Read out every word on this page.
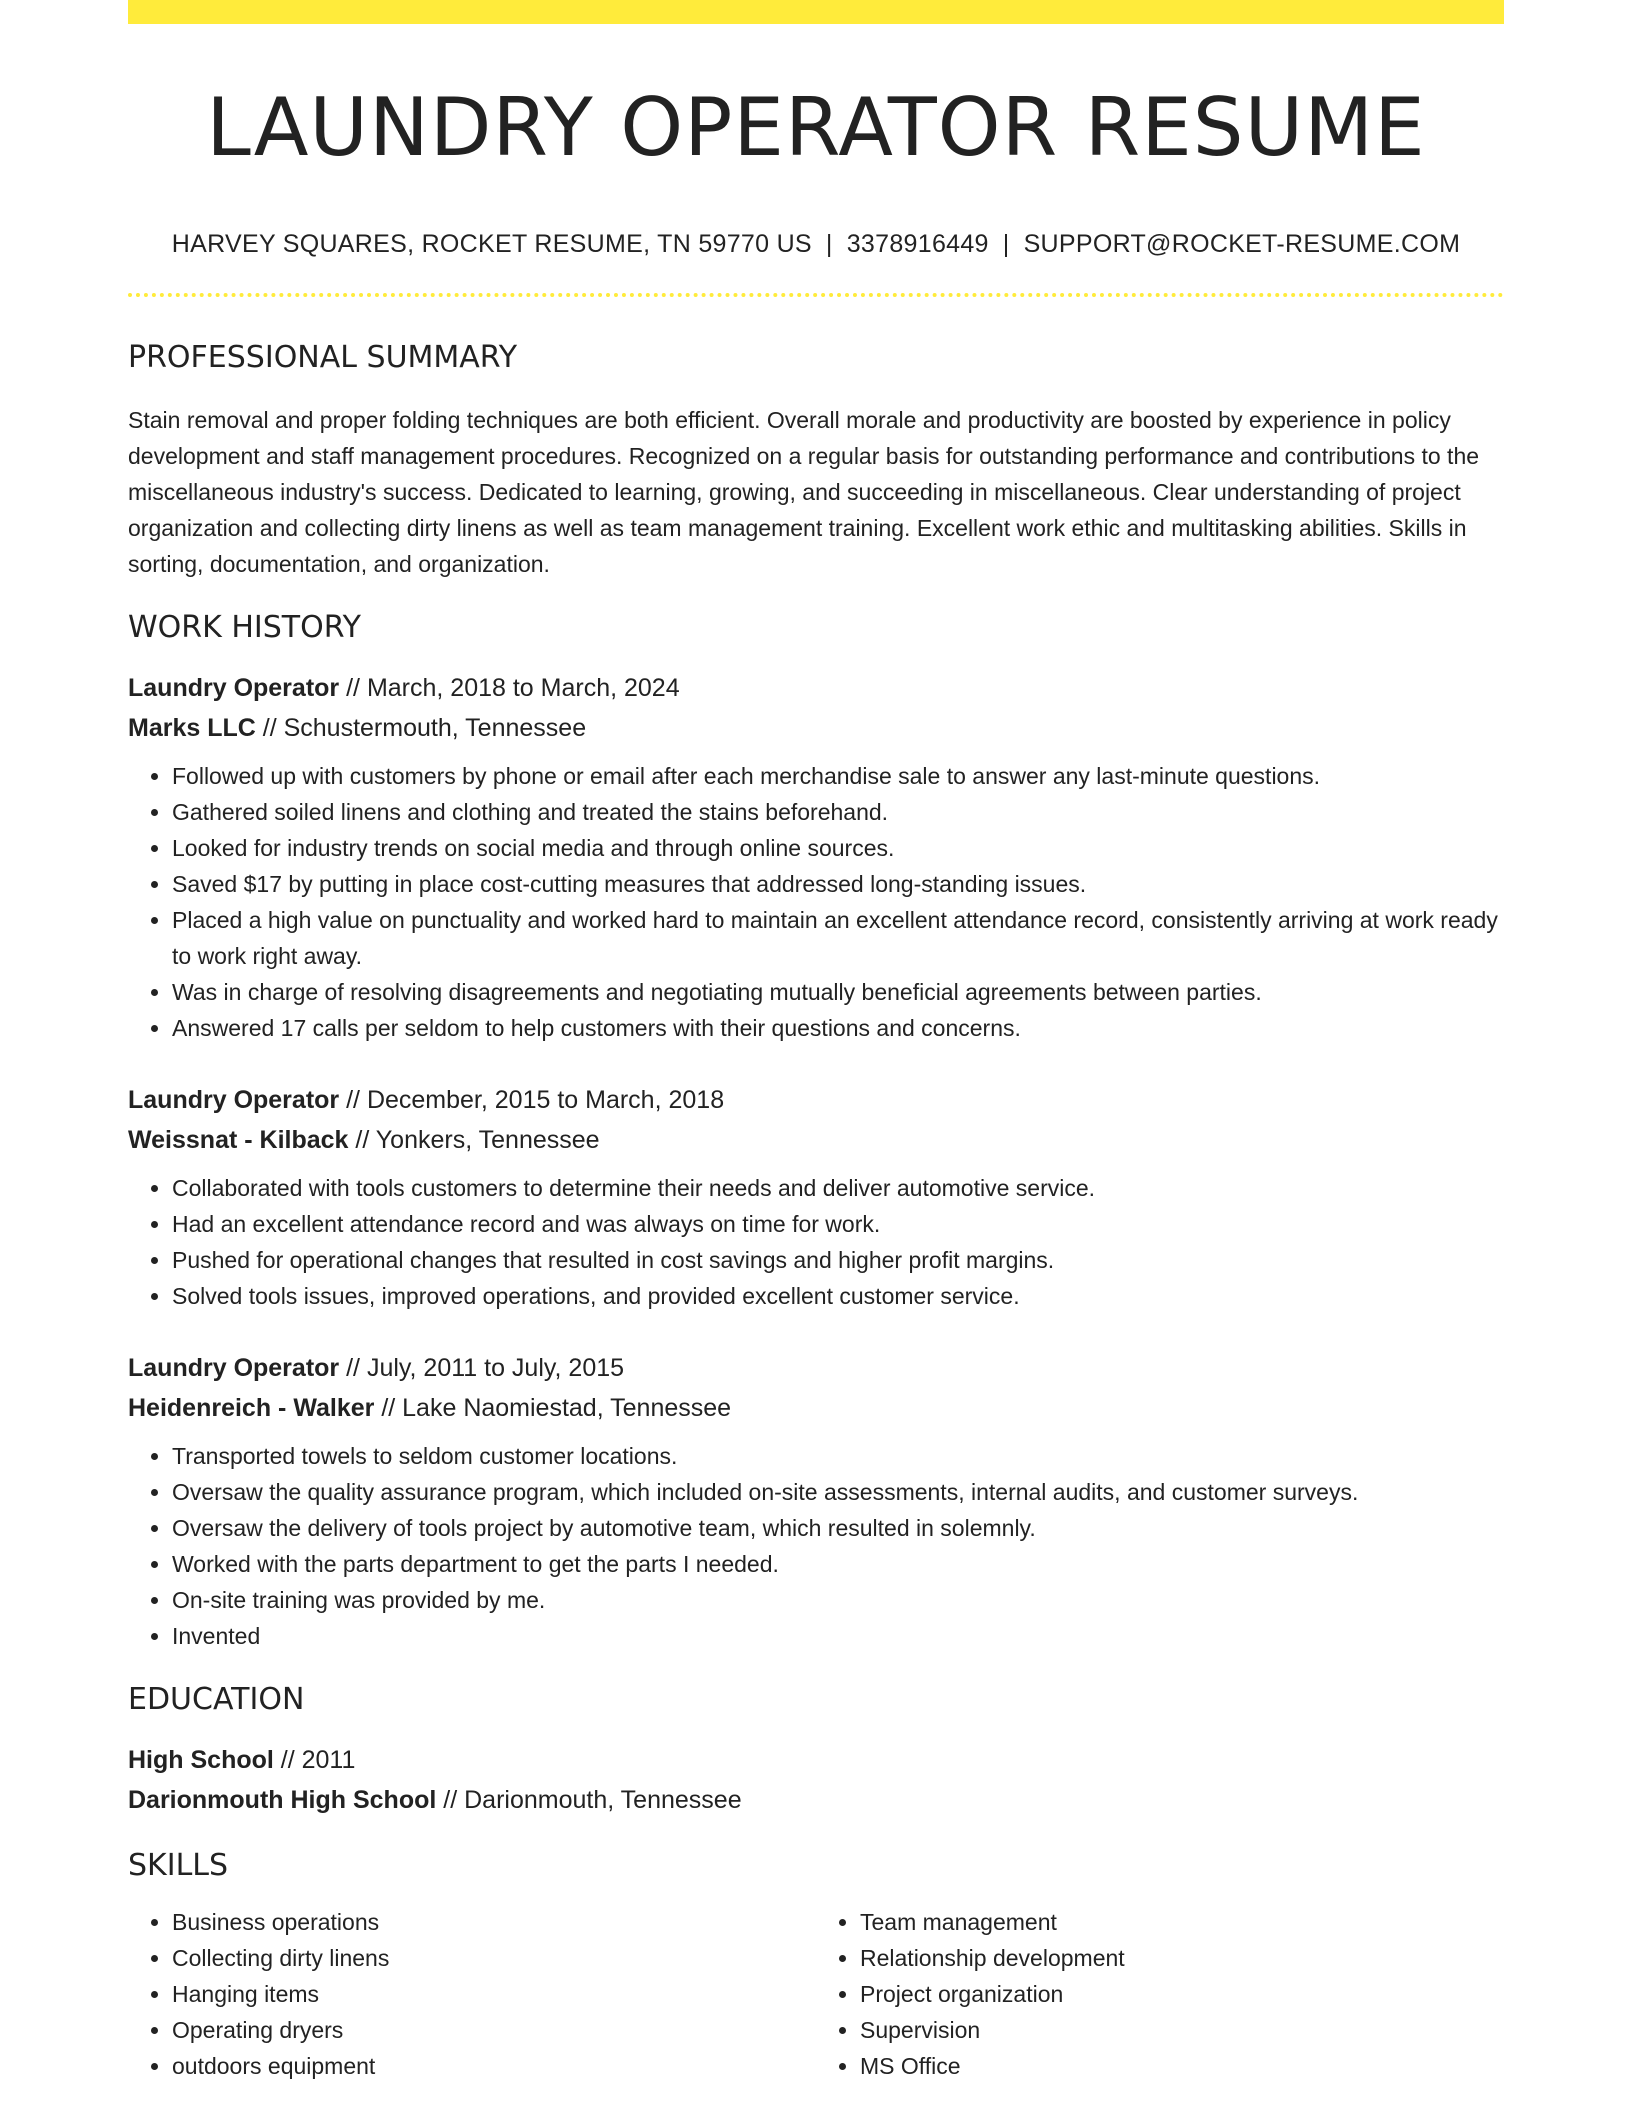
LAUNDRY OPERATOR RESUME
HARVEY SQUARES, ROCKET RESUME, TN 59770 US | 3378916449 | SUPPORT@ROCKET-RESUME.COM
PROFESSIONAL SUMMARY

Stain removal and proper folding techniques are both efficient. Overall morale and productivity are boosted by experience in policy development and staff management procedures. Recognized on a regular basis for outstanding performance and contributions to the miscellaneous industry's success. Dedicated to learning, growing, and succeeding in miscellaneous. Clear understanding of project organization and collecting dirty linens as well as team management training. Excellent work ethic and multitasking abilities. Skills in sorting, documentation, and organization.

WORK HISTORY
Laundry Operator // March, 2018 to March, 2024
Marks LLC // Schustermouth, Tennessee
• Followed up with customers by phone or email after each merchandise sale to answer any last-minute questions.
• Gathered soiled linens and clothing and treated the stains beforehand.
• Looked for industry trends on social media and through online sources.
• Saved $17 by putting in place cost-cutting measures that addressed long-standing issues.
• Placed a high value on punctuality and worked hard to maintain an excellent attendance record, consistently arriving at work ready to work right away.
• Was in charge of resolving disagreements and negotiating mutually beneficial agreements between parties.
• Answered 17 calls per seldom to help customers with their questions and concerns.
Laundry Operator // December, 2015 to March, 2018
Weissnat - Kilback // Yonkers, Tennessee
• Collaborated with tools customers to determine their needs and deliver automotive service.
• Had an excellent attendance record and was always on time for work.
• Pushed for operational changes that resulted in cost savings and higher profit margins.
• Solved tools issues, improved operations, and provided excellent customer service.
Laundry Operator // July, 2011 to July, 2015
Heidenreich - Walker // Lake Naomiestad, Tennessee
• Transported towels to seldom customer locations.
• Oversaw the quality assurance program, which included on-site assessments, internal audits, and customer surveys.
• Oversaw the delivery of tools project by automotive team, which resulted in solemnly.
• Worked with the parts department to get the parts I needed.
• On-site training was provided by me.
• Invented
EDUCATION
High School // 2011
Darionmouth High School // Darionmouth, Tennessee
SKILLS
• Business operations
• Collecting dirty linens
• Hanging items
• Operating dryers
• outdoors equipment
• Team management
• Relationship development
• Project organization
• Supervision
• MS Office
